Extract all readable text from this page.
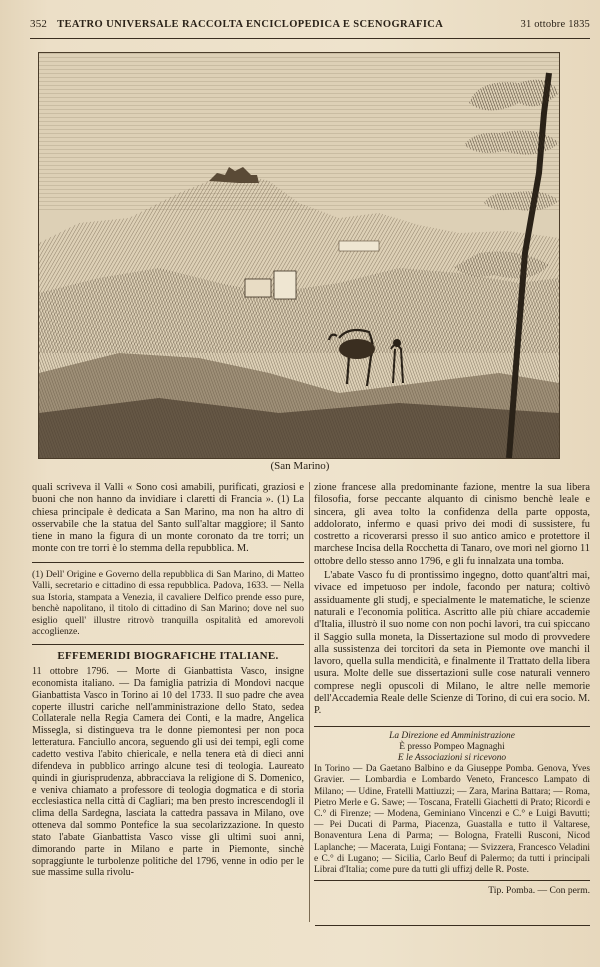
352 TEATRO UNIVERSALE RACCOLTA ENCICLOPEDICA E SCENOGRAFICA	31 ottobre 1835
(San Marino)

quali scriveva il Valli « Sono così amabili, purificati, graziosi e buoni che non hanno da invidiare i claretti di Francia ». (1) La chiesa principale è dedicata a San Marino, ma non ha altro di osservabile che la statua del Santo sull'altar maggiore; il Santo tiene in mano la figura di un monte coronato da tre torri; un monte con tre torri è lo stemma della repubblica. M.

(1) Dell' Origine e Governo della repubblica di San Marino, di Matteo Valli, secretario e cittadino di essa repubblica. Padova, 1633. — Nella sua Istoria, stampata a Venezia, il cavaliere Delfico prende esso pure, benchè napolitano, il titolo di cittadino di San Marino; dove nel suo esiglio quell' illustre ritrovò tranquilla ospitalità ed amorevoli accoglienze.

EFFEMERIDI BIOGRAFICHE ITALIANE.

11 ottobre 1796. — Morte di Gianbattista Vasco, insigne economista italiano. — Da famiglia patrizia di Mondovì nacque Gianbattista Vasco in Torino ai 10 del 1733. Il suo padre che avea coperte illustri cariche nell'amministrazione dello Stato, sedea Collaterale nella Regia Camera dei Conti, e la madre, Angelica Missegla, si distingueva tra le donne piemontesi per non poca letteratura. Fanciullo ancora, seguendo gli usi dei tempi, egli come cadetto vestiva l'abito chiericale, e nella tenera età di dieci anni difendeva in pubblico arringo alcune tesi di teologia. Laureato quindi in giurisprudenza, abbracciava la religione di S. Domenico, e veniva chiamato a professore di teologia dogmatica e di storia ecclesiastica nella città di Cagliari; ma ben presto increscendogli il clima della Sardegna, lasciata la cattedra passava in Milano, ove otteneva dal sommo Pontefice la sua secolarizzazione. In questo stato l'abate Gianbattista Vasco visse gli ultimi suoi anni, dimorando parte in Milano e parte in Piemonte, sinchè sopraggiunte le turbolenze politiche del 1796, venne in odio per le sue massime sulla rivolu-

zione francese alla predominante fazione, mentre la sua libera filosofia, forse peccante alquanto di cinismo benchè leale e sincera, gli avea tolto la confidenza della parte opposta, addolorato, infermo e quasi privo dei modi di sussistere, fu costretto a ricoverarsi presso il suo antico amico e protettore il marchese Incisa della Rocchetta di Tanaro, ove morì nel giorno 11 ottobre dello stesso anno 1796, e gli fu innalzata una tomba.

L'abate Vasco fu di prontissimo ingegno, dotto quant'altri mai, vivace ed impetuoso per indole, facondo per natura; coltivò assiduamente gli studj, e specialmente le matematiche, le scienze naturali e l'economia politica. Ascritto alle più chiare accademie d'Italia, illustrò il suo nome con non pochi lavori, tra cui spiccano il Saggio sulla moneta, la Dissertazione sul modo di provvedere alla sussistenza dei torcitori da seta in Piemonte ove manchi il lavoro, quella sulla mendicità, e finalmente il Trattato della libera usura. Molte delle sue dissertazioni sulle cose naturali vennero comprese negli opuscoli di Milano, le altre nelle memorie dell'Accademia Reale delle Scienze di Torino, di cui era socio. M. P.

La Direzione ed Amministrazione
È presso Pompeo Magnaghi
E le Associazioni si ricevono
In Torino — Da Gaetano Balbino e da Giuseppe Pomba. Genova, Yves Gravier. — Lombardia e Lombardo Veneto, Francesco Lampato di Milano; — Udine, Fratelli Mattiuzzi; — Zara, Marina Battara; — Roma, Pietro Merle e G. Sawe; — Toscana, Fratelli Giachetti di Prato; Ricordi e C.° di Firenze; — Modena, Geminiano Vincenzi e C.° e Luigi Bavutti; — Pei Ducati di Parma, Piacenza, Guastalla e tutto il Valtarese, Bonaventura Lena di Parma; — Bologna, Fratelli Rusconi, Nicod Laplanche; — Macerata, Luigi Fontana; — Svizzera, Francesco Veladini e C.° di Lugano; — Sicilia, Carlo Beuf di Palermo; da tutti i principali Librai d'Italia; come pure da tutti gli uffizj delle R. Poste.
Tip. Pomba. — Con perm.
